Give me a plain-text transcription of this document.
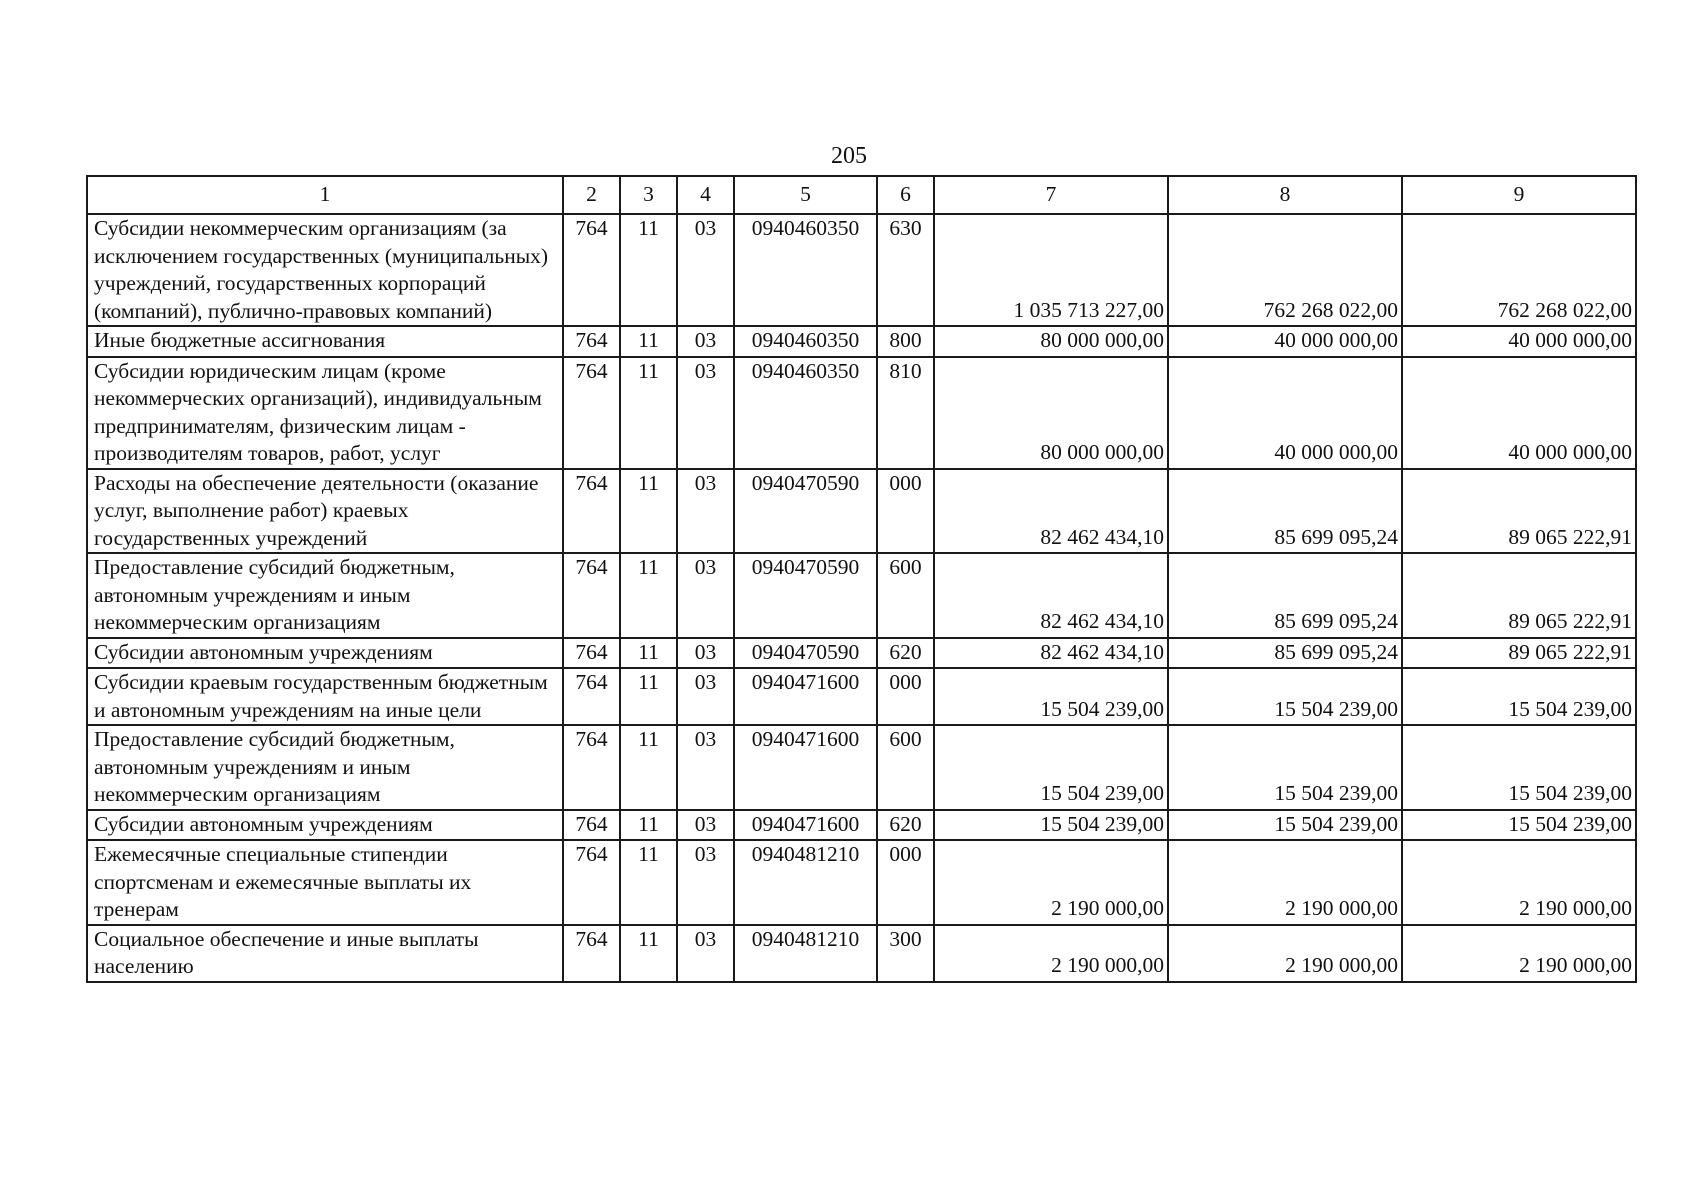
205
1	2	3	4	5	6	7	8	9
Субсидии некоммерческим организациям (за исключением государственных (муниципальных) учреждений, государственных корпораций (компаний), публично-правовых компаний)	764	11	03	0940460350	630	1 035 713 227,00	762 268 022,00	762 268 022,00
Иные бюджетные ассигнования	764	11	03	0940460350	800	80 000 000,00	40 000 000,00	40 000 000,00
Субсидии юридическим лицам (кроме некоммерческих организаций), индивидуальным предпринимателям, физическим лицам - производителям товаров, работ, услуг	764	11	03	0940460350	810	80 000 000,00	40 000 000,00	40 000 000,00
Расходы на обеспечение деятельности (оказание услуг, выполнение работ) краевых государственных учреждений	764	11	03	0940470590	000	82 462 434,10	85 699 095,24	89 065 222,91
Предоставление субсидий бюджетным, автономным учреждениям и иным некоммерческим организациям	764	11	03	0940470590	600	82 462 434,10	85 699 095,24	89 065 222,91
Субсидии автономным учреждениям	764	11	03	0940470590	620	82 462 434,10	85 699 095,24	89 065 222,91
Субсидии краевым государственным бюджетным и автономным учреждениям на иные цели	764	11	03	0940471600	000	15 504 239,00	15 504 239,00	15 504 239,00
Предоставление субсидий бюджетным, автономным учреждениям и иным некоммерческим организациям	764	11	03	0940471600	600	15 504 239,00	15 504 239,00	15 504 239,00
Субсидии автономным учреждениям	764	11	03	0940471600	620	15 504 239,00	15 504 239,00	15 504 239,00
Ежемесячные специальные стипендии спортсменам и ежемесячные выплаты их тренерам	764	11	03	0940481210	000	2 190 000,00	2 190 000,00	2 190 000,00
Социальное обеспечение и иные выплаты населению	764	11	03	0940481210	300	2 190 000,00	2 190 000,00	2 190 000,00
